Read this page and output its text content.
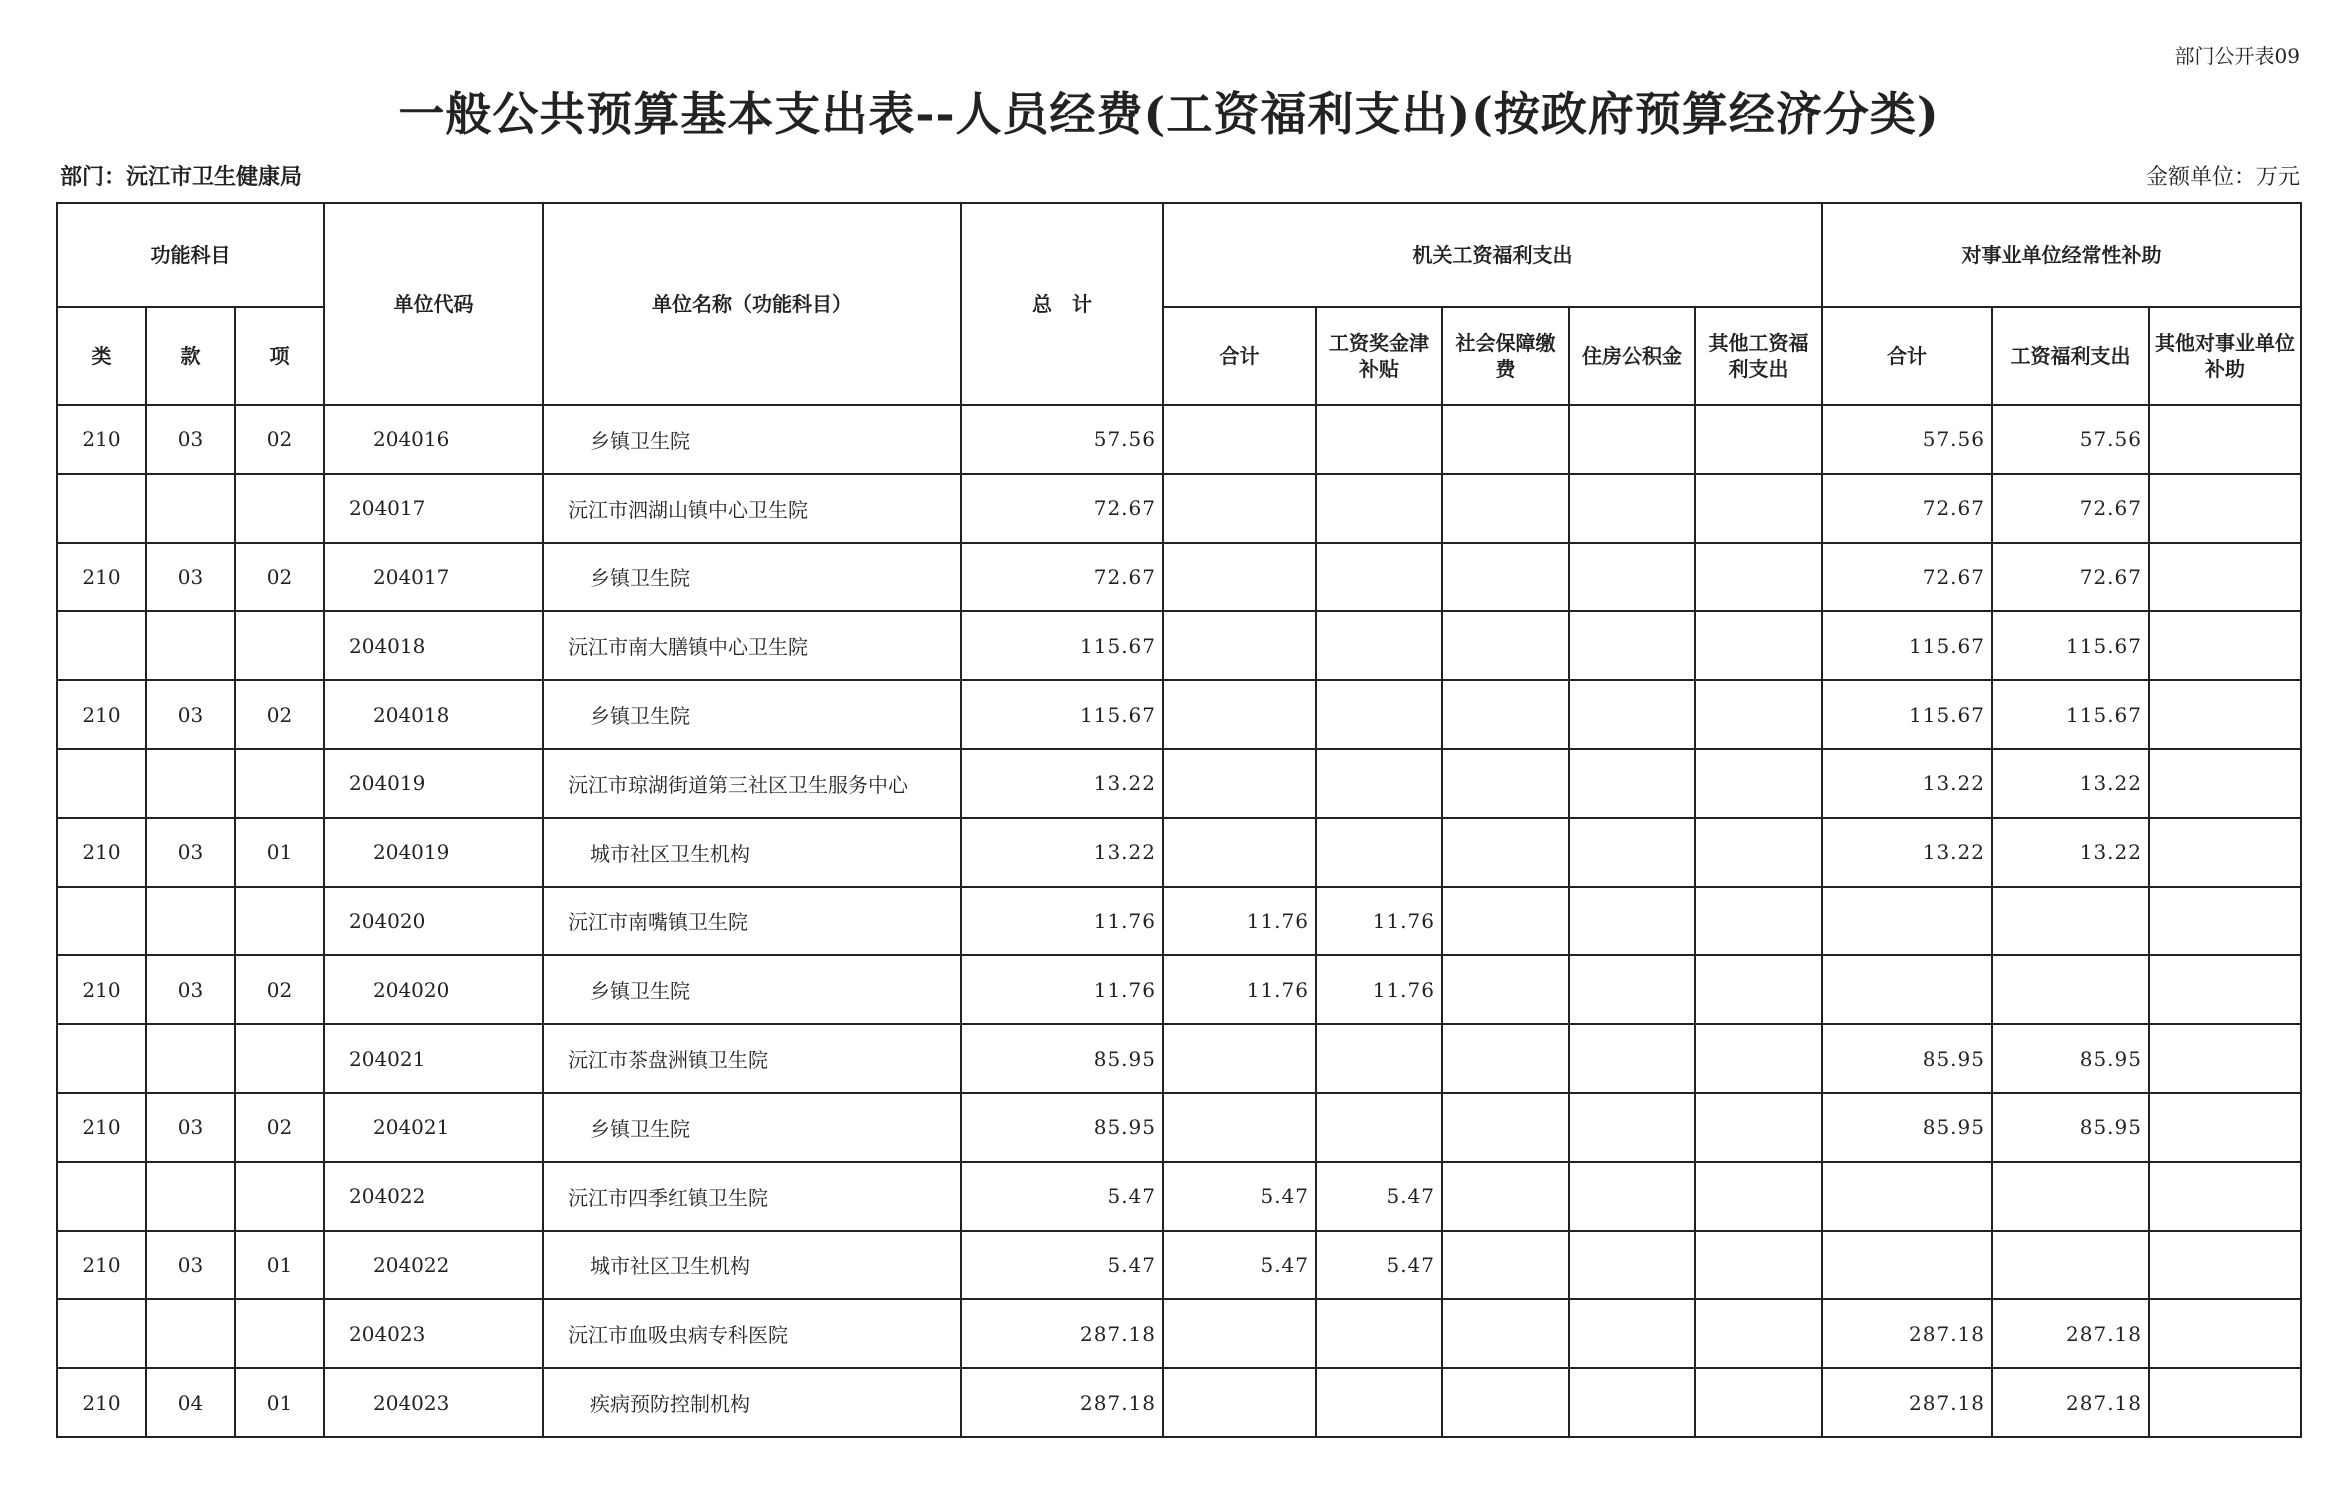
部门公开表09
一般公共预算基本支出表--人员经费(工资福利支出)(按政府预算经济分类)
部门：沅江市卫生健康局	金额单位：万元
功能科目			单位代码	单位名称（功能科目）	总　计	机关工资福利支出					对事业单位经常性补助		
类	款	项				合计	工资奖金津补贴	社会保障缴费	住房公积金	其他工资福利支出	合计	工资福利支出	其他对事业单位补助
210	03	02	204016	乡镇卫生院	57.56						57.56	57.56	
			204017	沅江市泗湖山镇中心卫生院	72.67						72.67	72.67	
210	03	02	204017	乡镇卫生院	72.67						72.67	72.67	
			204018	沅江市南大膳镇中心卫生院	115.67						115.67	115.67	
210	03	02	204018	乡镇卫生院	115.67						115.67	115.67	
			204019	沅江市琼湖街道第三社区卫生服务中心	13.22						13.22	13.22	
210	03	01	204019	城市社区卫生机构	13.22						13.22	13.22	
			204020	沅江市南嘴镇卫生院	11.76	11.76	11.76						
210	03	02	204020	乡镇卫生院	11.76	11.76	11.76						
			204021	沅江市茶盘洲镇卫生院	85.95						85.95	85.95	
210	03	02	204021	乡镇卫生院	85.95						85.95	85.95	
			204022	沅江市四季红镇卫生院	5.47	5.47	5.47						
210	03	01	204022	城市社区卫生机构	5.47	5.47	5.47						
			204023	沅江市血吸虫病专科医院	287.18						287.18	287.18	
210	04	01	204023	疾病预防控制机构	287.18						287.18	287.18	
